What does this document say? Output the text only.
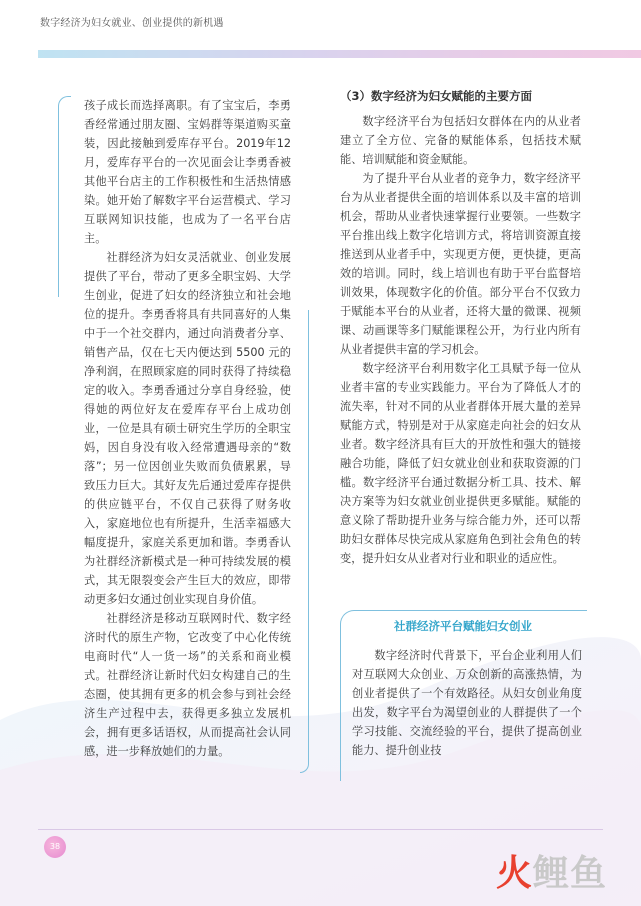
数字经济为妇女就业、创业提供的新机遇

孩子成长而选择离职。有了宝宝后，李勇香经常通过朋友圈、宝妈群等渠道购买童装，因此接触到爱库存平台。2019年12月，爱库存平台的一次见面会让李勇香被其他平台店主的工作积极性和生活热情感染。她开始了解数字平台运营模式、学习互联网知识技能，也成为了一名平台店主。

社群经济为妇女灵活就业、创业发展提供了平台，带动了更多全职宝妈、大学生创业，促进了妇女的经济独立和社会地位的提升。李勇香将具有共同喜好的人集中于一个社交群内，通过向消费者分享、销售产品，仅在七天内便达到 5500 元的净利润，在照顾家庭的同时获得了持续稳定的收入。李勇香通过分享自身经验，使得她的两位好友在爱库存平台上成功创业，一位是具有硕士研究生学历的全职宝妈，因自身没有收入经常遭遇母亲的“数落”；另一位因创业失败而负债累累，导致压力巨大。其好友先后通过爱库存提供的供应链平台，不仅自己获得了财务收入，家庭地位也有所提升，生活幸福感大幅度提升，家庭关系更加和谐。李勇香认为社群经济新模式是一种可持续发展的模式，其无限裂变会产生巨大的效应，即带动更多妇女通过创业实现自身价值。

社群经济是移动互联网时代、数字经济时代的原生产物，它改变了中心化传统电商时代“人一货一场”的关系和商业模式。社群经济让新时代妇女构建自己的生态圈，使其拥有更多的机会参与到社会经济生产过程中去，获得更多独立发展机会，拥有更多话语权，从而提高社会认同感，进一步释放她们的力量。

（3）数字经济为妇女赋能的主要方面

数字经济平台为包括妇女群体在内的从业者建立了全方位、完备的赋能体系，包括技术赋能、培训赋能和资金赋能。

为了提升平台从业者的竞争力，数字经济平台为从业者提供全面的培训体系以及丰富的培训机会，帮助从业者快速掌握行业要领。一些数字平台推出线上数字化培训方式，将培训资源直接推送到从业者手中，实现更方便，更快捷，更高效的培训。同时，线上培训也有助于平台监督培训效果，体现数字化的价值。部分平台不仅致力于赋能本平台的从业者，还将大量的微课、视频课、动画课等多门赋能课程公开，为行业内所有从业者提供丰富的学习机会。

数字经济平台利用数字化工具赋予每一位从业者丰富的专业实践能力。平台为了降低人才的流失率，针对不同的从业者群体开展大量的差异赋能方式，特别是对于从家庭走向社会的妇女从业者。数字经济具有巨大的开放性和强大的链接融合功能，降低了妇女就业创业和获取资源的门槛。数字经济平台通过数据分析工具、技术、解决方案等为妇女就业创业提供更多赋能。赋能的意义除了帮助提升业务与综合能力外，还可以帮助妇女群体尽快完成从家庭角色到社会角色的转变，提升妇女从业者对行业和职业的适应性。

社群经济平台赋能妇女创业

数字经济时代背景下，平台企业利用人们对互联网大众创业、万众创新的高涨热情，为创业者提供了一个有效路径。从妇女创业角度出发，数字平台为渴望创业的人群提供了一个学习技能、交流经验的平台，提供了提高创业能力、提升创业技

38
火鲤鱼
